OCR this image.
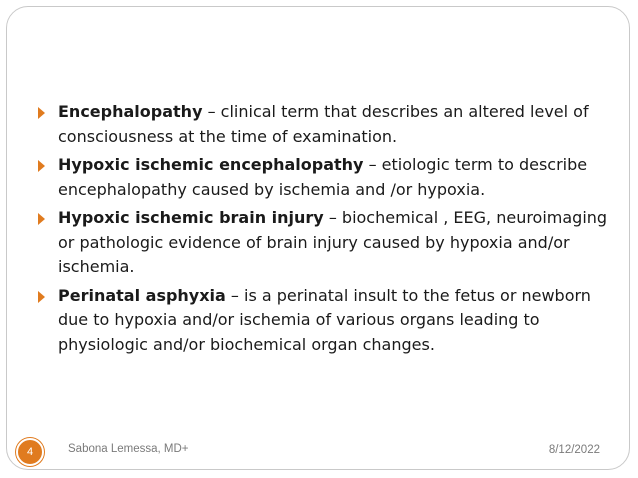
Encephalopathy – clinical term that describes an altered level of consciousness at the time of examination.
Hypoxic ischemic encephalopathy – etiologic term to describe encephalopathy caused by ischemia and /or hypoxia.
Hypoxic ischemic brain injury – biochemical , EEG, neuroimaging or pathologic evidence of brain injury caused by hypoxia and/or ischemia.
Perinatal asphyxia – is a perinatal insult to the fetus or newborn due to hypoxia and/or ischemia of various organs leading to physiologic and/or biochemical organ changes.
4	Sabona Lemessa, MD+	8/12/2022
